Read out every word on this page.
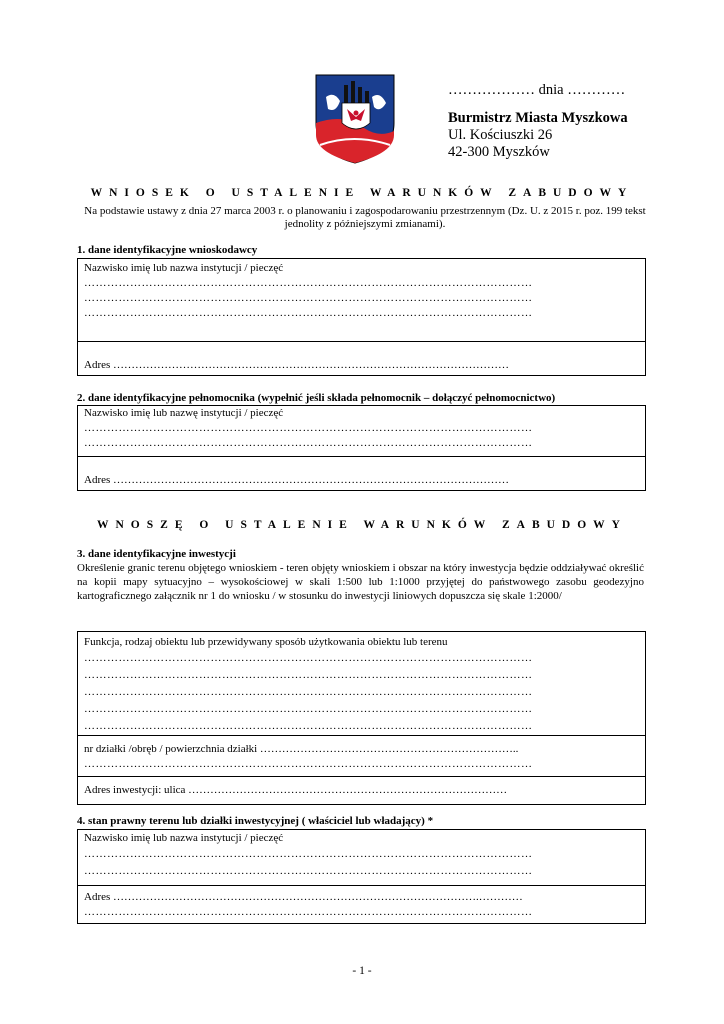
……………… dnia …………
Burmistrz Miasta Myszkowa
Ul. Kościuszki 26
42-300 Myszków
WNIOSEK O USTALENIE WARUNKÓW ZABUDOWY
Na podstawie ustawy z dnia 27 marca 2003 r. o planowaniu i zagospodarowaniu przestrzennym (Dz. U. z 2015 r. poz. 199 tekst jednolity z późniejszymi zmianami).
1. dane identyfikacyjne wnioskodawcy
Nazwisko imię lub nazwa instytucji / pieczęć
………………………………………………………………………………………………………
………………………………………………………………………………………………………
………………………………………………………………………………………………………
Adres ………………………………………………………………………………………………
2. dane identyfikacyjne pełnomocnika (wypełnić jeśli składa pełnomocnik – dołączyć pełnomocnictwo)
Nazwisko imię lub nazwę instytucji / pieczęć
………………………………………………………………………………………………………
………………………………………………………………………………………………………
Adres ………………………………………………………………………………………………
WNOSZĘ O USTALENIE WARUNKÓW ZABUDOWY
3. dane identyfikacyjne inwestycji
Określenie granic terenu objętego wnioskiem - teren objęty wnioskiem i obszar na który inwestycja będzie oddziaływać określić na kopii mapy sytuacyjno – wysokościowej w skali 1:500 lub 1:1000 przyjętej do państwowego zasobu geodezyjno kartograficznego załącznik nr 1 do wniosku / w stosunku do inwestycji liniowych dopuszcza się skale 1:2000/
Funkcja, rodzaj obiektu lub przewidywany sposób użytkowania obiektu lub terenu
………………………………………………………………………………………………………
………………………………………………………………………………………………………
………………………………………………………………………………………………………
………………………………………………………………………………………………………
………………………………………………………………………………………………………
nr działki /obręb / powierzchnia działki ……………………………………………………………..
………………………………………………………………………………………………………
Adres inwestycji: ulica ……………………………………………………………………………
4. stan prawny terenu lub działki inwestycyjnej ( właściciel lub władający) *
Nazwisko imię lub nazwa instytucji / pieczęć
………………………………………………………………………………………………………
………………………………………………………………………………………………………
Adres ……………………………………………………………………………………….…………
………………………………………………………………………………………………………
- 1 -
